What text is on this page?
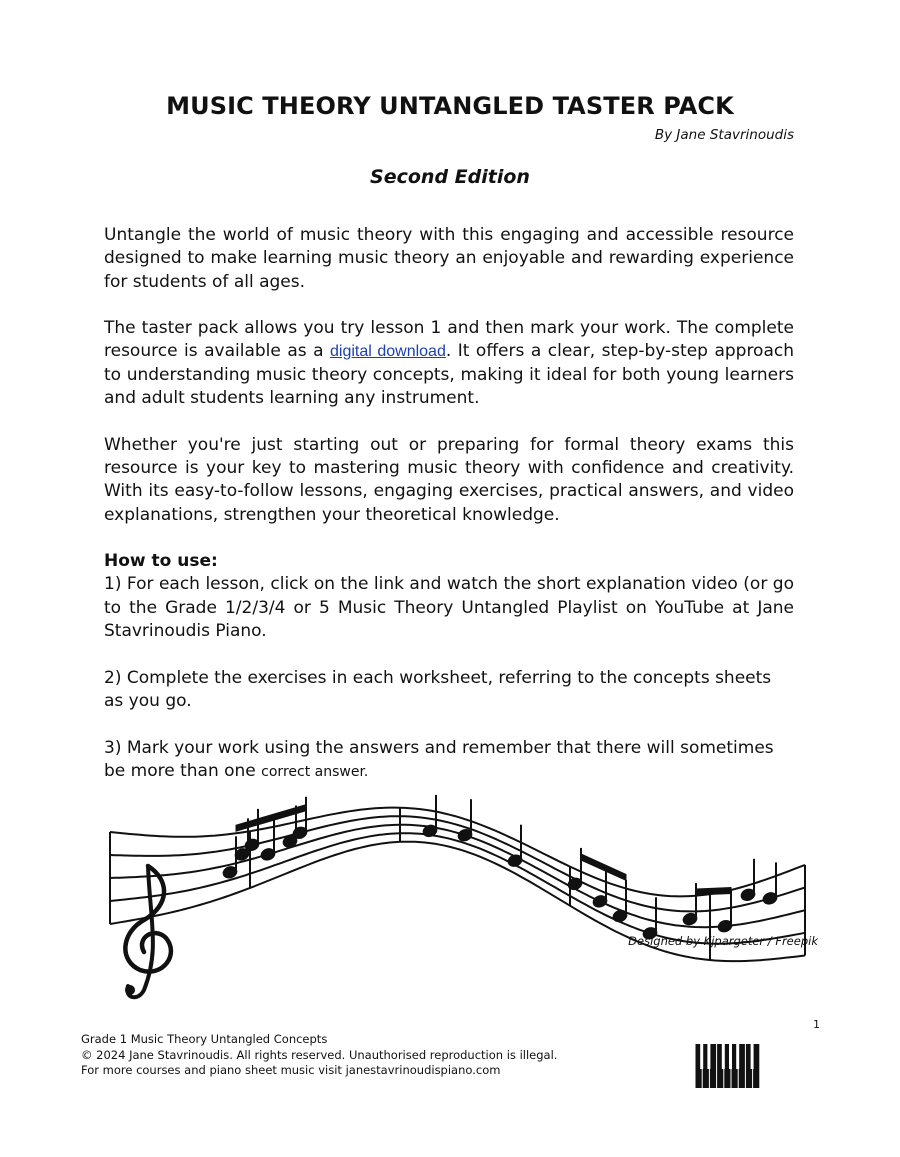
MUSIC THEORY UNTANGLED TASTER PACK
By Jane Stavrinoudis
Second Edition

Untangle the world of music theory with this engaging and accessible resource designed to make learning music theory an enjoyable and rewarding experience for students of all ages.

The taster pack allows you try lesson 1 and then mark your work. The complete resource is available as a digital download. It offers a clear, step-by-step approach to understanding music theory concepts, making it ideal for both young learners and adult students learning any instrument.

Whether you're just starting out or preparing for formal theory exams this resource is your key to mastering music theory with confidence and creativity. With its easy-to-follow lessons, engaging exercises, practical answers, and video explanations, strengthen your theoretical knowledge.

How to use:
1) For each lesson, click on the link and watch the short explanation video (or go to the Grade 1/2/3/4 or 5 Music Theory Untangled Playlist on YouTube at Jane Stavrinoudis Piano.

2) Complete the exercises in each worksheet, referring to the concepts sheets as you go.

3) Mark your work using the answers and remember that there will sometimes be more than one correct answer.

Designed by Kjpargeter / Freepik
1
Grade 1 Music Theory Untangled Concepts
© 2024 Jane Stavrinoudis. All rights reserved. Unauthorised reproduction is illegal.
For more courses and piano sheet music visit janestavrinoudispiano.com
